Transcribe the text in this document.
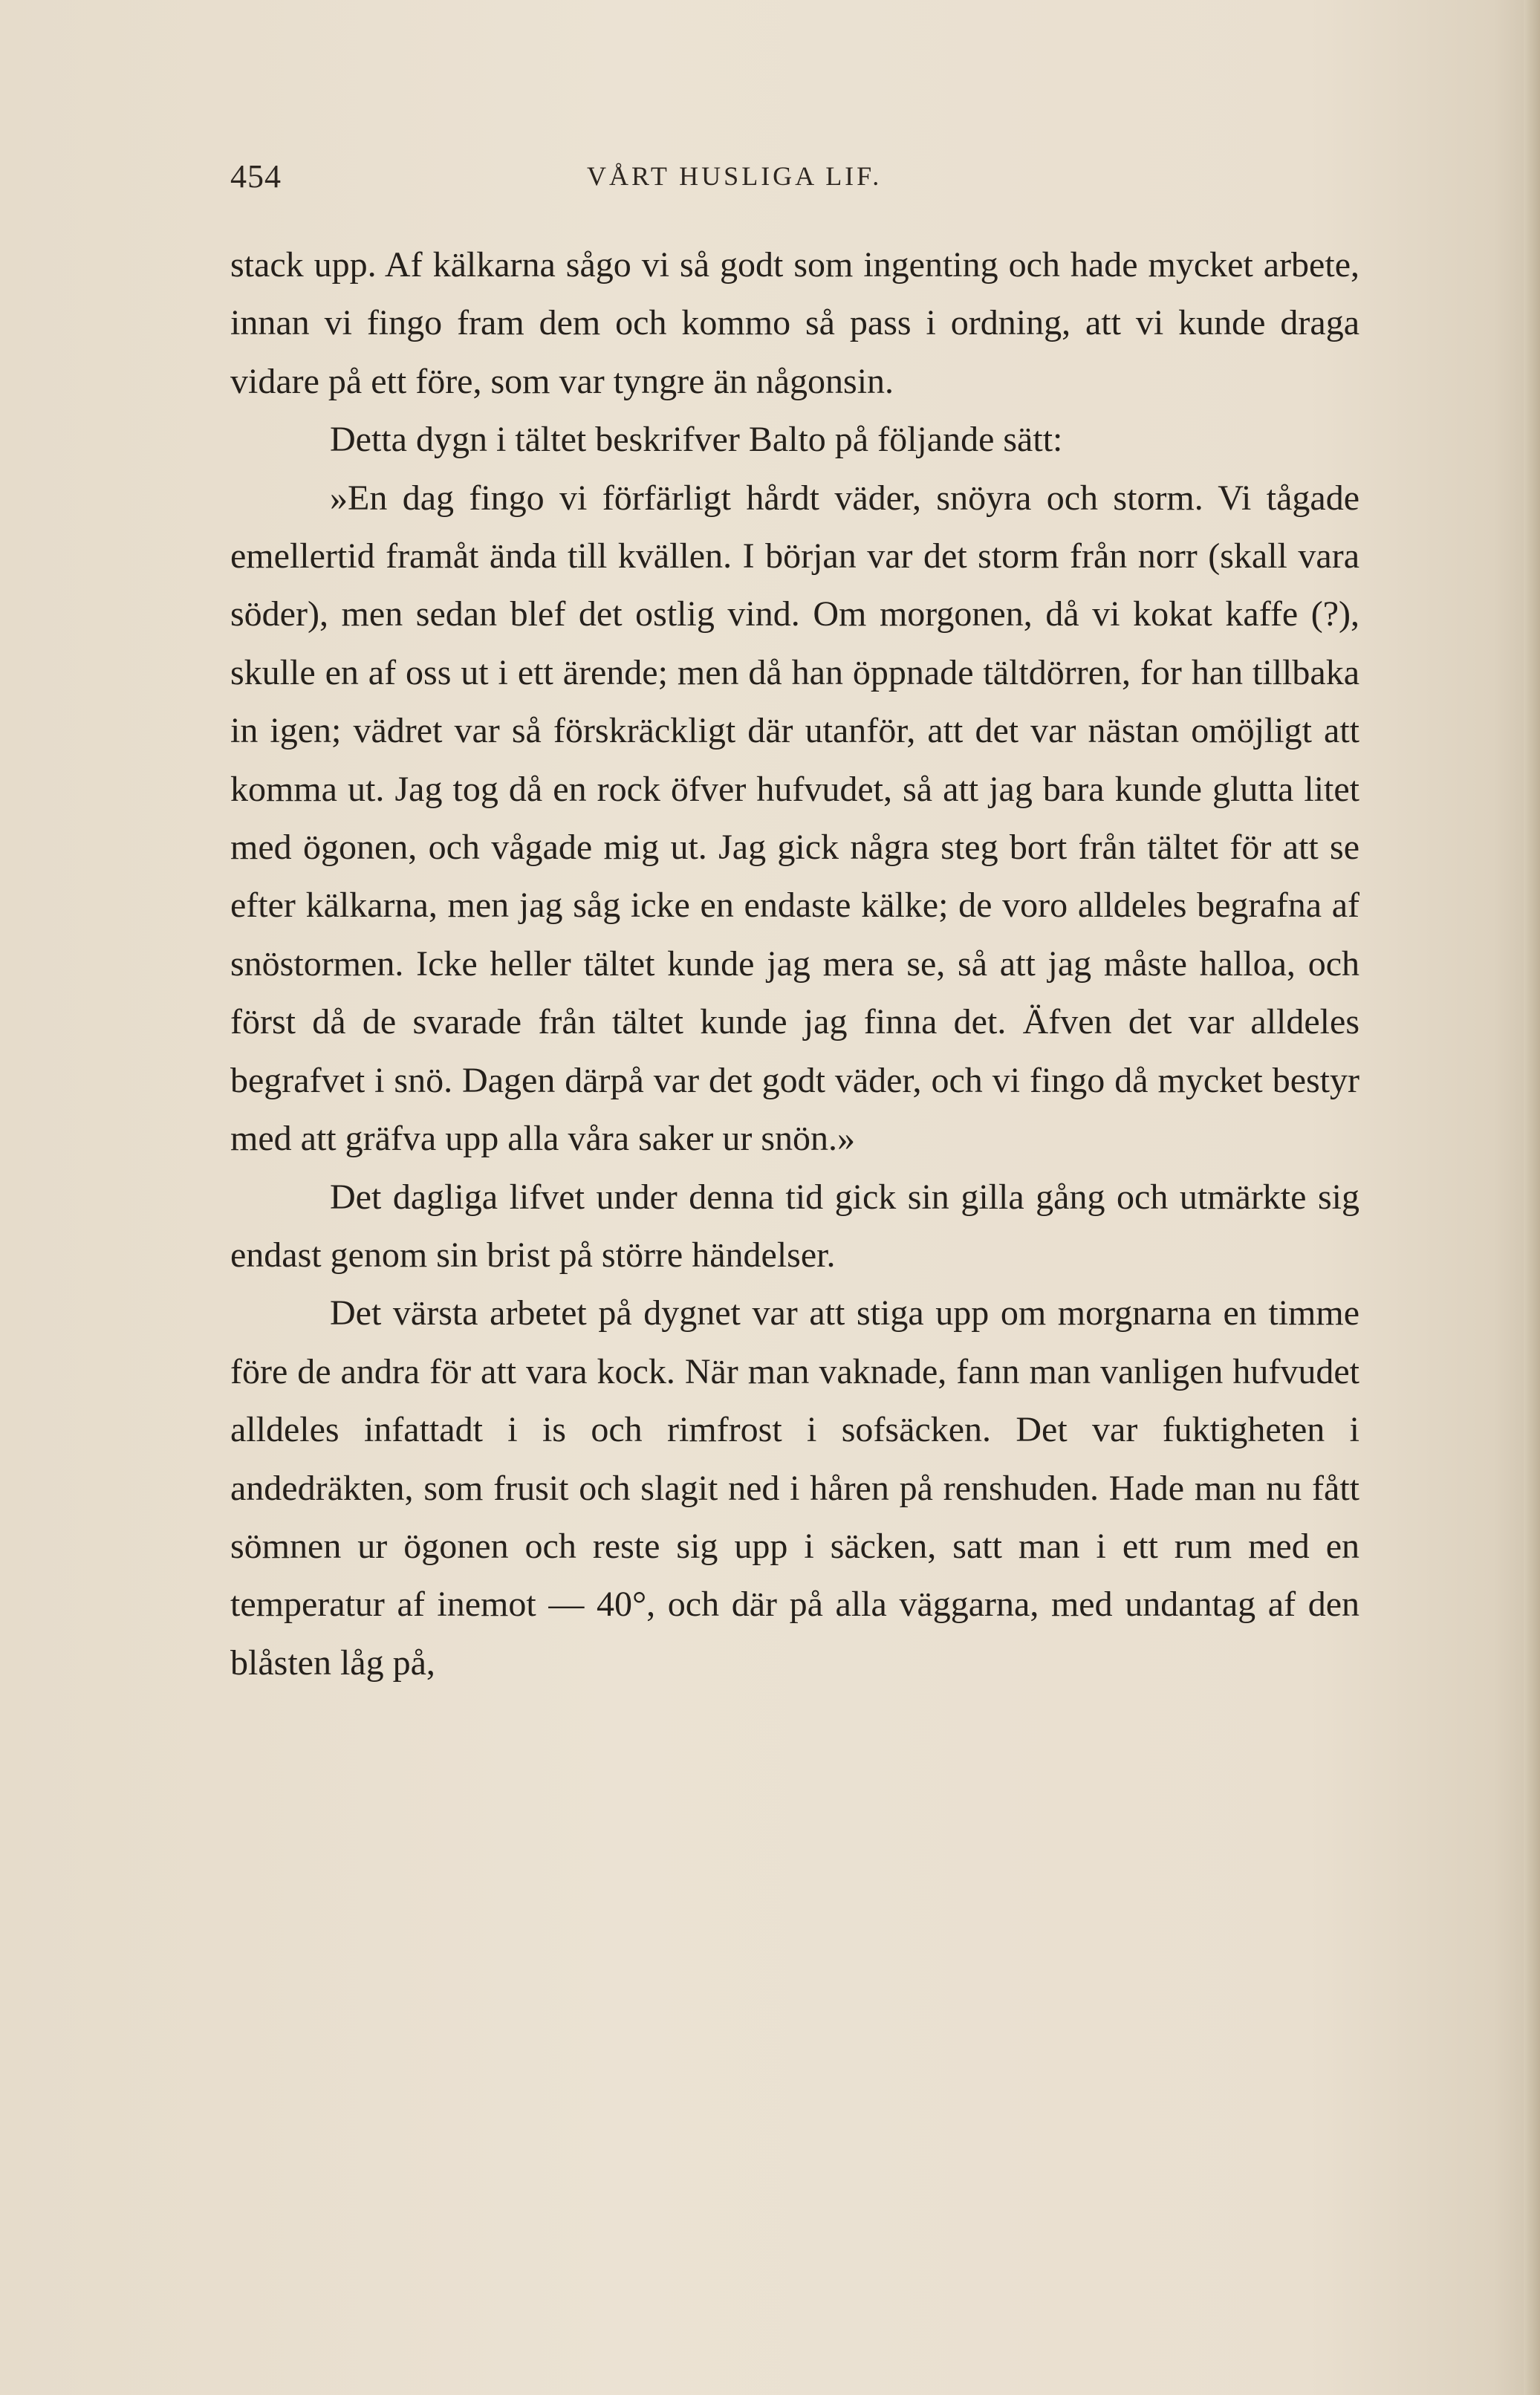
454	VÅRT HUSLIGA LIF.

stack upp. Af kälkarna sågo vi så godt som ingenting och hade mycket arbete, innan vi fingo fram dem och kommo så pass i ordning, att vi kunde draga vidare på ett före, som var tyngre än någonsin.

Detta dygn i tältet beskrifver Balto på följande sätt:

»En dag fingo vi förfärligt hårdt väder, snöyra och storm. Vi tågade emellertid framåt ända till kvällen. I början var det storm från norr (skall vara söder), men sedan blef det ostlig vind. Om morgonen, då vi kokat kaffe (?), skulle en af oss ut i ett ärende; men då han öppnade tältdörren, for han tillbaka in igen; vädret var så förskräckligt där utanför, att det var nästan omöjligt att komma ut. Jag tog då en rock öfver hufvudet, så att jag bara kunde glutta litet med ögonen, och vågade mig ut. Jag gick några steg bort från tältet för att se efter kälkarna, men jag såg icke en endaste kälke; de voro alldeles begrafna af snöstormen. Icke heller tältet kunde jag mera se, så att jag måste halloa, och först då de svarade från tältet kunde jag finna det. Äfven det var alldeles begrafvet i snö. Dagen därpå var det godt väder, och vi fingo då mycket bestyr med att gräfva upp alla våra saker ur snön.»

Det dagliga lifvet under denna tid gick sin gilla gång och utmärkte sig endast genom sin brist på större händelser.

Det värsta arbetet på dygnet var att stiga upp om morgnarna en timme före de andra för att vara kock. När man vaknade, fann man vanligen hufvudet alldeles infattadt i is och rimfrost i sofsäcken. Det var fuktigheten i andedräkten, som frusit och slagit ned i håren på renshuden. Hade man nu fått sömnen ur ögonen och reste sig upp i säcken, satt man i ett rum med en temperatur af inemot — 40°, och där på alla väggarna, med undantag af den blåsten låg på,
